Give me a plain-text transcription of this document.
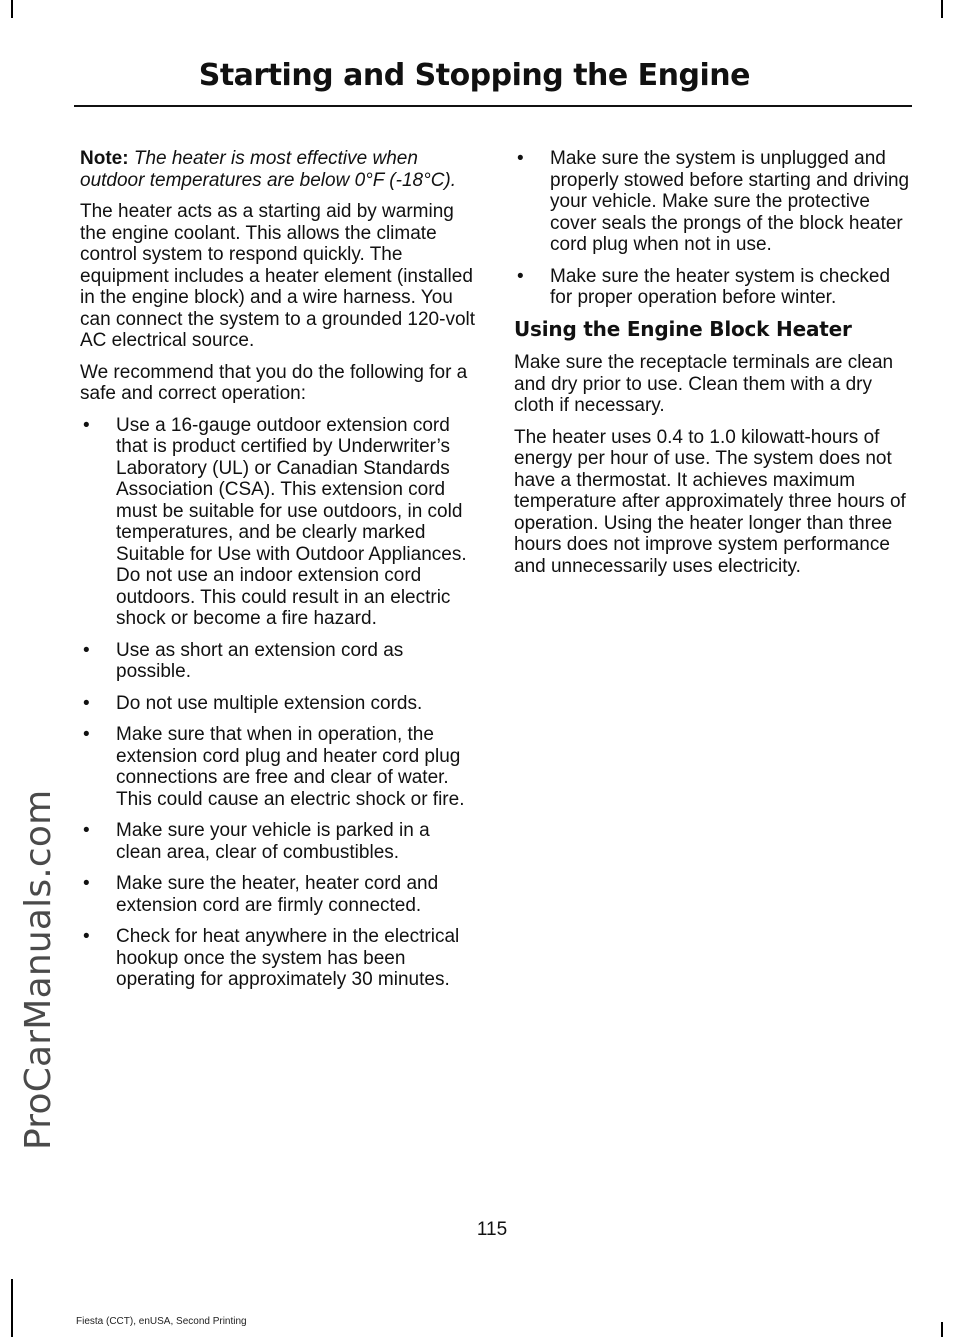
Starting and Stopping the Engine
ProCarManuals.com

Note: The heater is most effective when outdoor temperatures are below 0°F (-18°C).

The heater acts as a starting aid by warming the engine coolant. This allows the climate control system to respond quickly. The equipment includes a heater element (installed in the engine block) and a wire harness. You can connect the system to a grounded 120-volt AC electrical source.

We recommend that you do the following for a safe and correct operation:

• Use a 16-gauge outdoor extension cord that is product certified by Underwriter’s Laboratory (UL) or Canadian Standards Association (CSA). This extension cord must be suitable for use outdoors, in cold temperatures, and be clearly marked Suitable for Use with Outdoor Appliances. Do not use an indoor extension cord outdoors. This could result in an electric shock or become a fire hazard.
• Use as short an extension cord as possible.
• Do not use multiple extension cords.
• Make sure that when in operation, the extension cord plug and heater cord plug connections are free and clear of water. This could cause an electric shock or fire.
• Make sure your vehicle is parked in a clean area, clear of combustibles.
• Make sure the heater, heater cord and extension cord are firmly connected.
• Check for heat anywhere in the electrical hookup once the system has been operating for approximately 30 minutes.
• Make sure the system is unplugged and properly stowed before starting and driving your vehicle. Make sure the protective cover seals the prongs of the block heater cord plug when not in use.
• Make sure the heater system is checked for proper operation before winter.
Using the Engine Block Heater

Make sure the receptacle terminals are clean and dry prior to use. Clean them with a dry cloth if necessary.

The heater uses 0.4 to 1.0 kilowatt-hours of energy per hour of use. The system does not have a thermostat. It achieves maximum temperature after approximately three hours of operation. Using the heater longer than three hours does not improve system performance and unnecessarily uses electricity.

115
Fiesta (CCT), enUSA, Second Printing
